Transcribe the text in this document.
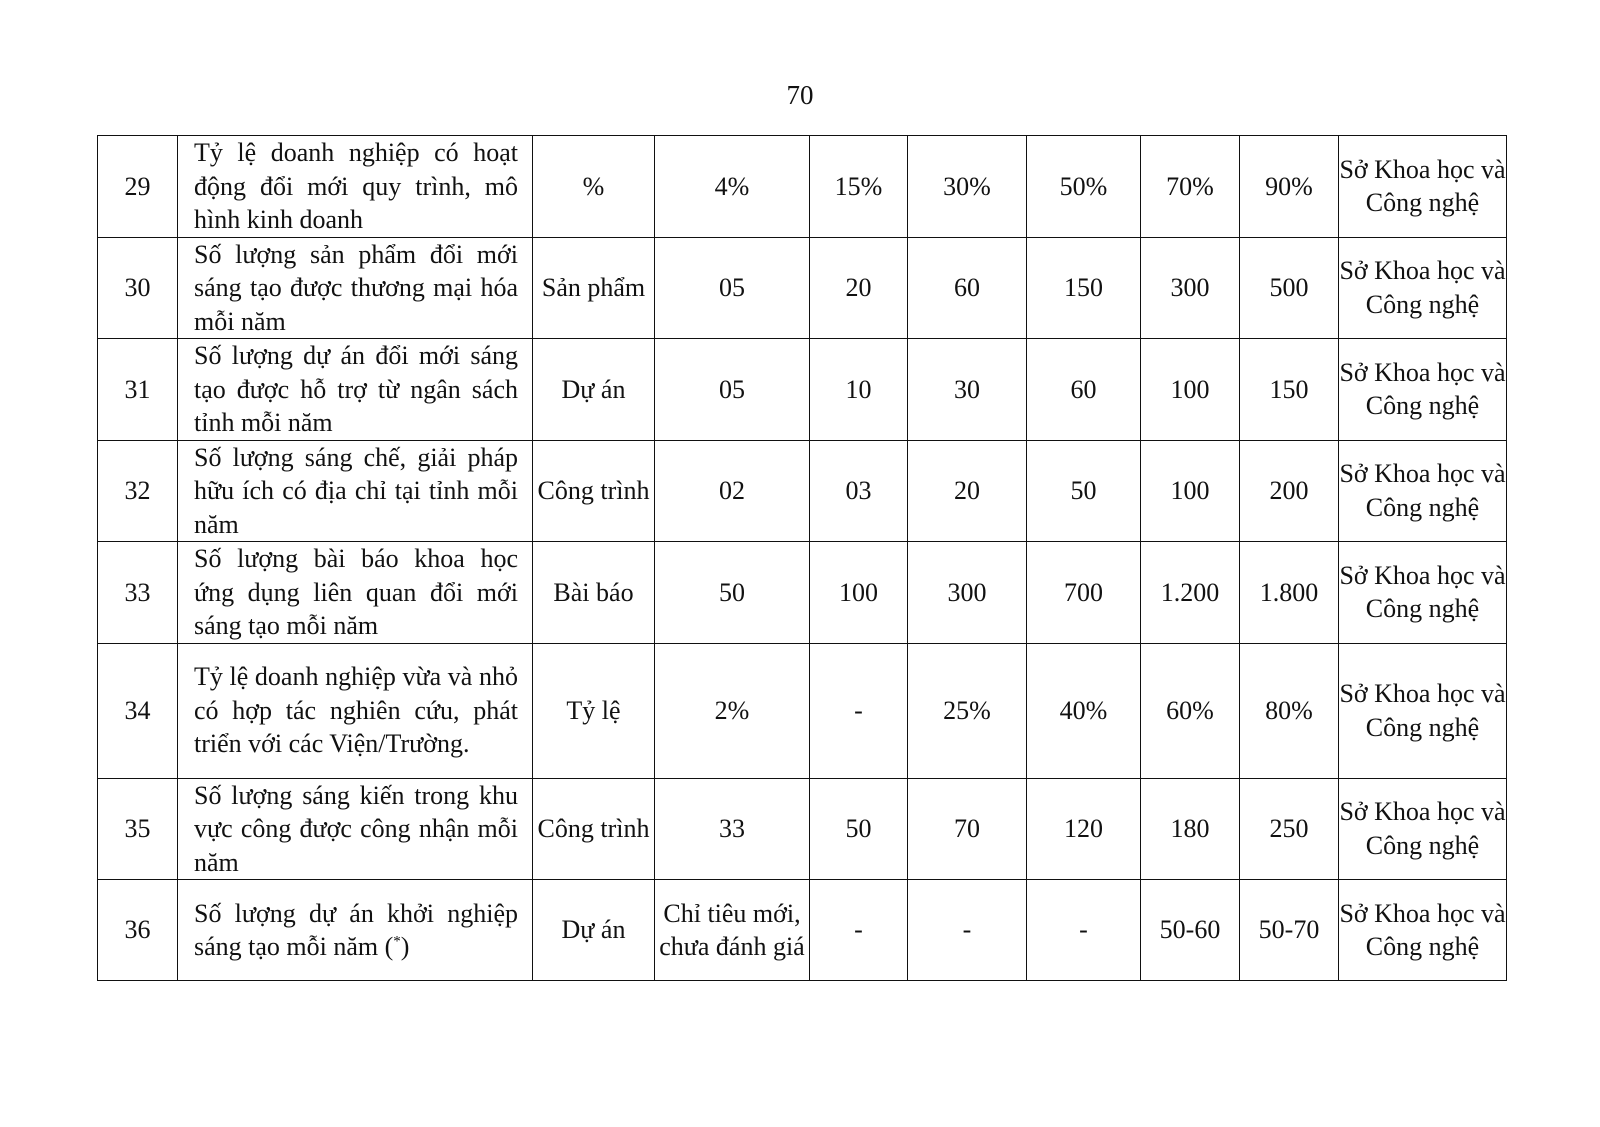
70
29	Tỷ lệ doanh nghiệp có hoạt động đổi mới quy trình, mô hình kinh doanh	%	4%	15%	30%	50%	70%	90%	Sở Khoa học và Công nghệ
30	Số lượng sản phẩm đổi mới sáng tạo được thương mại hóa mỗi năm	Sản phẩm	05	20	60	150	300	500	Sở Khoa học và Công nghệ
31	Số lượng dự án đổi mới sáng tạo được hỗ trợ từ ngân sách tỉnh mỗi năm	Dự án	05	10	30	60	100	150	Sở Khoa học và Công nghệ
32	Số lượng sáng chế, giải pháp hữu ích có địa chỉ tại tỉnh mỗi năm	Công trình	02	03	20	50	100	200	Sở Khoa học và Công nghệ
33	Số lượng bài báo khoa học ứng dụng liên quan đổi mới sáng tạo mỗi năm	Bài báo	50	100	300	700	1.200	1.800	Sở Khoa học và Công nghệ
34	Tỷ lệ doanh nghiệp vừa và nhỏ có hợp tác nghiên cứu, phát triển với các Viện/Trường.	Tỷ lệ	2%	-	25%	40%	60%	80%	Sở Khoa học và Công nghệ
35	Số lượng sáng kiến trong khu vực công được công nhận mỗi năm	Công trình	33	50	70	120	180	250	Sở Khoa học và Công nghệ
36	Số lượng dự án khởi nghiệp sáng tạo mỗi năm (*)	Dự án	Chỉ tiêu mới, chưa đánh giá	-	-	-	50-60	50-70	Sở Khoa học và Công nghệ
